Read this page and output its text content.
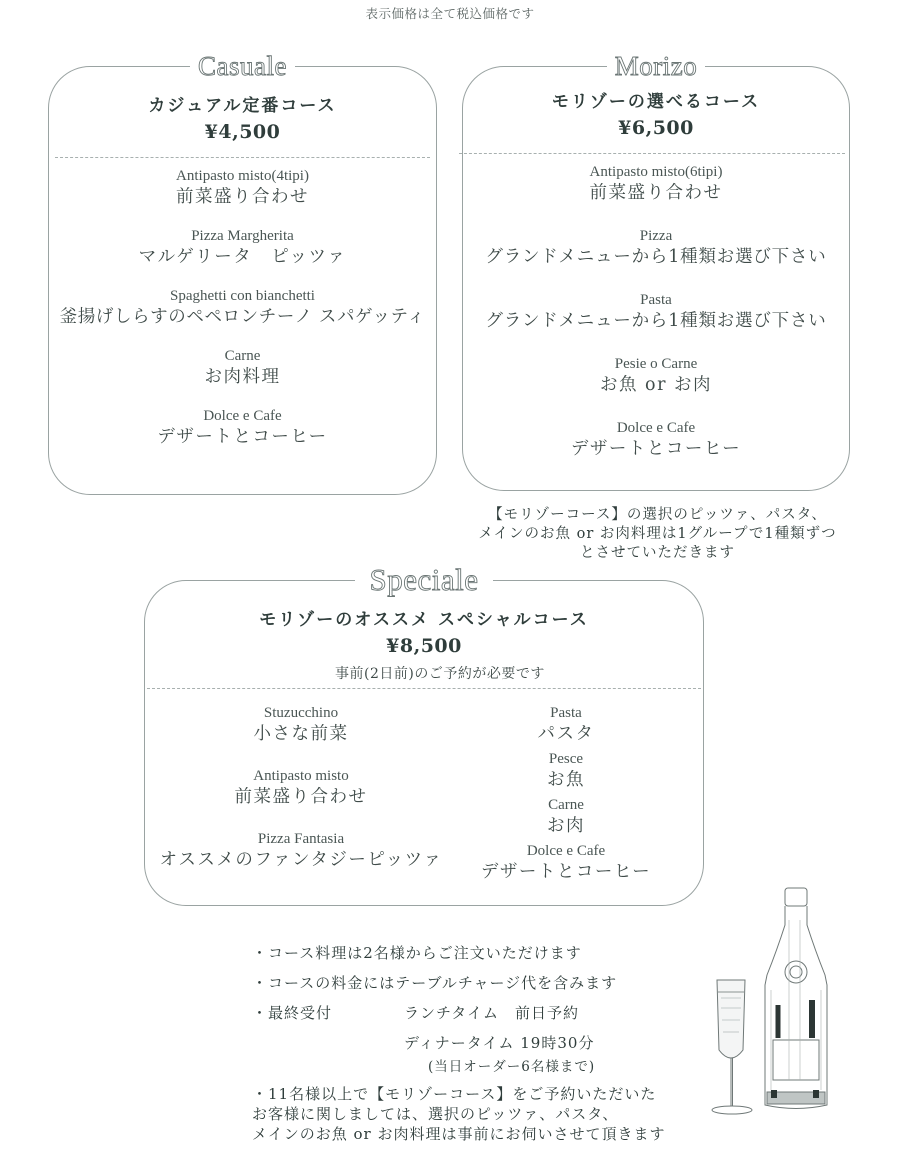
表示価格は全て税込価格です
Casuale
カジュアル定番コース
¥4,500
Antipasto misto(4tipi)
前菜盛り合わせ
Pizza Margherita
マルゲリータ　ピッツァ
Spaghetti con bianchetti
釜揚げしらすのペペロンチーノ スパゲッティ
Carne
お肉料理
Dolce e Cafe
デザートとコーヒー
Morizo
モリゾーの選べるコース
¥6,500
Antipasto misto(6tipi)
前菜盛り合わせ
Pizza
グランドメニューから1種類お選び下さい
Pasta
グランドメニューから1種類お選び下さい
Pesie o Carne
お魚 or お肉
Dolce e Cafe
デザートとコーヒー
【モリゾーコース】の選択のピッツァ、パスタ、
メインのお魚 or お肉料理は1グループで1種類ずつ
とさせていただきます
Speciale
モリゾーのオススメ スペシャルコース
¥8,500
事前(2日前)のご予約が必要です
Stuzucchino
小さな前菜
Antipasto misto
前菜盛り合わせ
Pizza Fantasia
オススメのファンタジーピッツァ
Pasta
パスタ
Pesce
お魚
Carne
お肉
Dolce e Cafe
デザートとコーヒー
・コース料理は2名様からご注文いただけます
・コースの料金にはテーブルチャージ代を含みます
・最終受付	ランチタイム　前日予約
ディナータイム 19時30分
(当日オーダー6名様まで)
・11名様以上で【モリゾーコース】をご予約いただいた
お客様に関しましては、選択のピッツァ、パスタ、
メインのお魚 or お肉料理は事前にお伺いさせて頂きます
